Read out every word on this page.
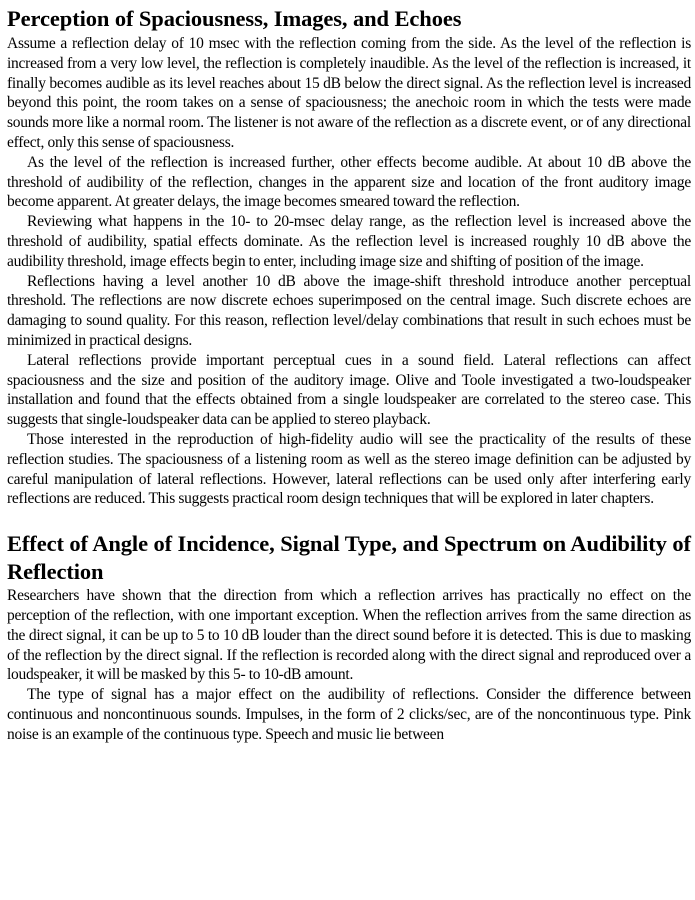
Perception of Spaciousness, Images, and Echoes

Assume a reflection delay of 10 msec with the reflection coming from the side. As the level of the reflection is increased from a very low level, the reflection is completely inaudible. As the level of the reflection is increased, it finally becomes audible as its level reaches about 15 dB below the direct signal. As the reflection level is increased beyond this point, the room takes on a sense of spaciousness; the anechoic room in which the tests were made sounds more like a normal room. The listener is not aware of the reflection as a discrete event, or of any directional effect, only this sense of spaciousness.

As the level of the reflection is increased further, other effects become audible. At about 10 dB above the threshold of audibility of the reflection, changes in the apparent size and location of the front auditory image become apparent. At greater delays, the image becomes smeared toward the reflection.

Reviewing what happens in the 10- to 20-msec delay range, as the reflection level is increased above the threshold of audibility, spatial effects dominate. As the reflection level is increased roughly 10 dB above the audibility threshold, image effects begin to enter, including image size and shifting of position of the image.

Reflections having a level another 10 dB above the image-shift threshold introduce another perceptual threshold. The reflections are now discrete echoes superimposed on the central image. Such discrete echoes are damaging to sound quality. For this reason, reflection level/delay combinations that result in such echoes must be minimized in practical designs.

Lateral reflections provide important perceptual cues in a sound field. Lateral reflections can affect spaciousness and the size and position of the auditory image. Olive and Toole investigated a two-loudspeaker installation and found that the effects obtained from a single loudspeaker are correlated to the stereo case. This suggests that single-loudspeaker data can be applied to stereo playback.

Those interested in the reproduction of high-fidelity audio will see the practicality of the results of these reflection studies. The spaciousness of a listening room as well as the stereo image definition can be adjusted by careful manipulation of lateral reflections. However, lateral reflections can be used only after interfering early reflections are reduced. This suggests practical room design techniques that will be explored in later chapters.

Effect of Angle of Incidence, Signal Type, and Spectrum on Audibility of Reflection

Researchers have shown that the direction from which a reflection arrives has practically no effect on the perception of the reflection, with one important exception. When the reflection arrives from the same direction as the direct signal, it can be up to 5 to 10 dB louder than the direct sound before it is detected. This is due to masking of the reflection by the direct signal. If the reflection is recorded along with the direct signal and reproduced over a loudspeaker, it will be masked by this 5- to 10-dB amount.

The type of signal has a major effect on the audibility of reflections. Consider the difference between continuous and noncontinuous sounds. Impulses, in the form of 2 clicks/sec, are of the noncontinuous type. Pink noise is an example of the continuous type. Speech and music lie between
